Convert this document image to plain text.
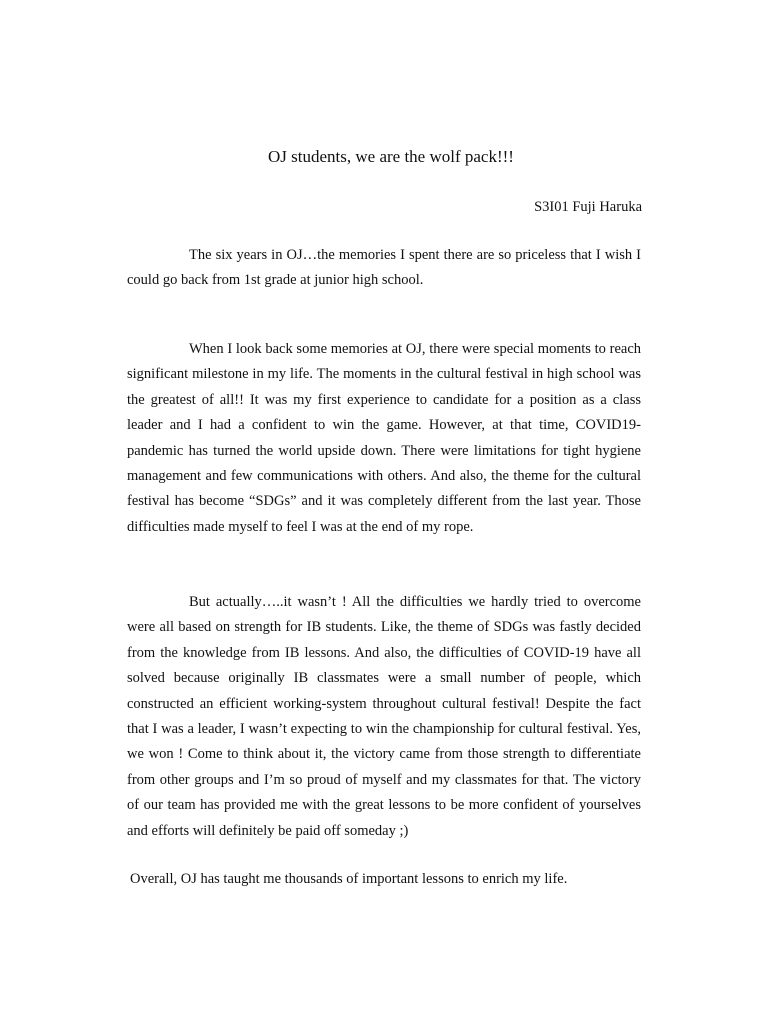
OJ students, we are the wolf pack!!!

S3I01 Fuji Haruka

The six years in OJ…the memories I spent there are so priceless that I wish I could go back from 1st grade at junior high school.

When I look back some memories at OJ, there were special moments to reach significant milestone in my life. The moments in the cultural festival in high school was the greatest of all!! It was my first experience to candidate for a position as a class leader and I had a confident to win the game. However, at that time, COVID19-pandemic has turned the world upside down. There were limitations for tight hygiene management and few communications with others. And also, the theme for the cultural festival has become “SDGs” and it was completely different from the last year. Those difficulties made myself to feel I was at the end of my rope.

But actually…..it wasn’t ! All the difficulties we hardly tried to overcome were all based on strength for IB students. Like, the theme of SDGs was fastly decided from the knowledge from IB lessons. And also, the difficulties of COVID-19 have all solved because originally IB classmates were a small number of people, which constructed an efficient working-system throughout cultural festival! Despite the fact that I was a leader, I wasn’t expecting to win the championship for cultural festival. Yes, we won ! Come to think about it, the victory came from those strength to differentiate from other groups and I’m so proud of myself and my classmates for that. The victory of our team has provided me with the great lessons to be more confident of yourselves and efforts will definitely be paid off someday ;)

Overall, OJ has taught me thousands of important lessons to enrich my life.
